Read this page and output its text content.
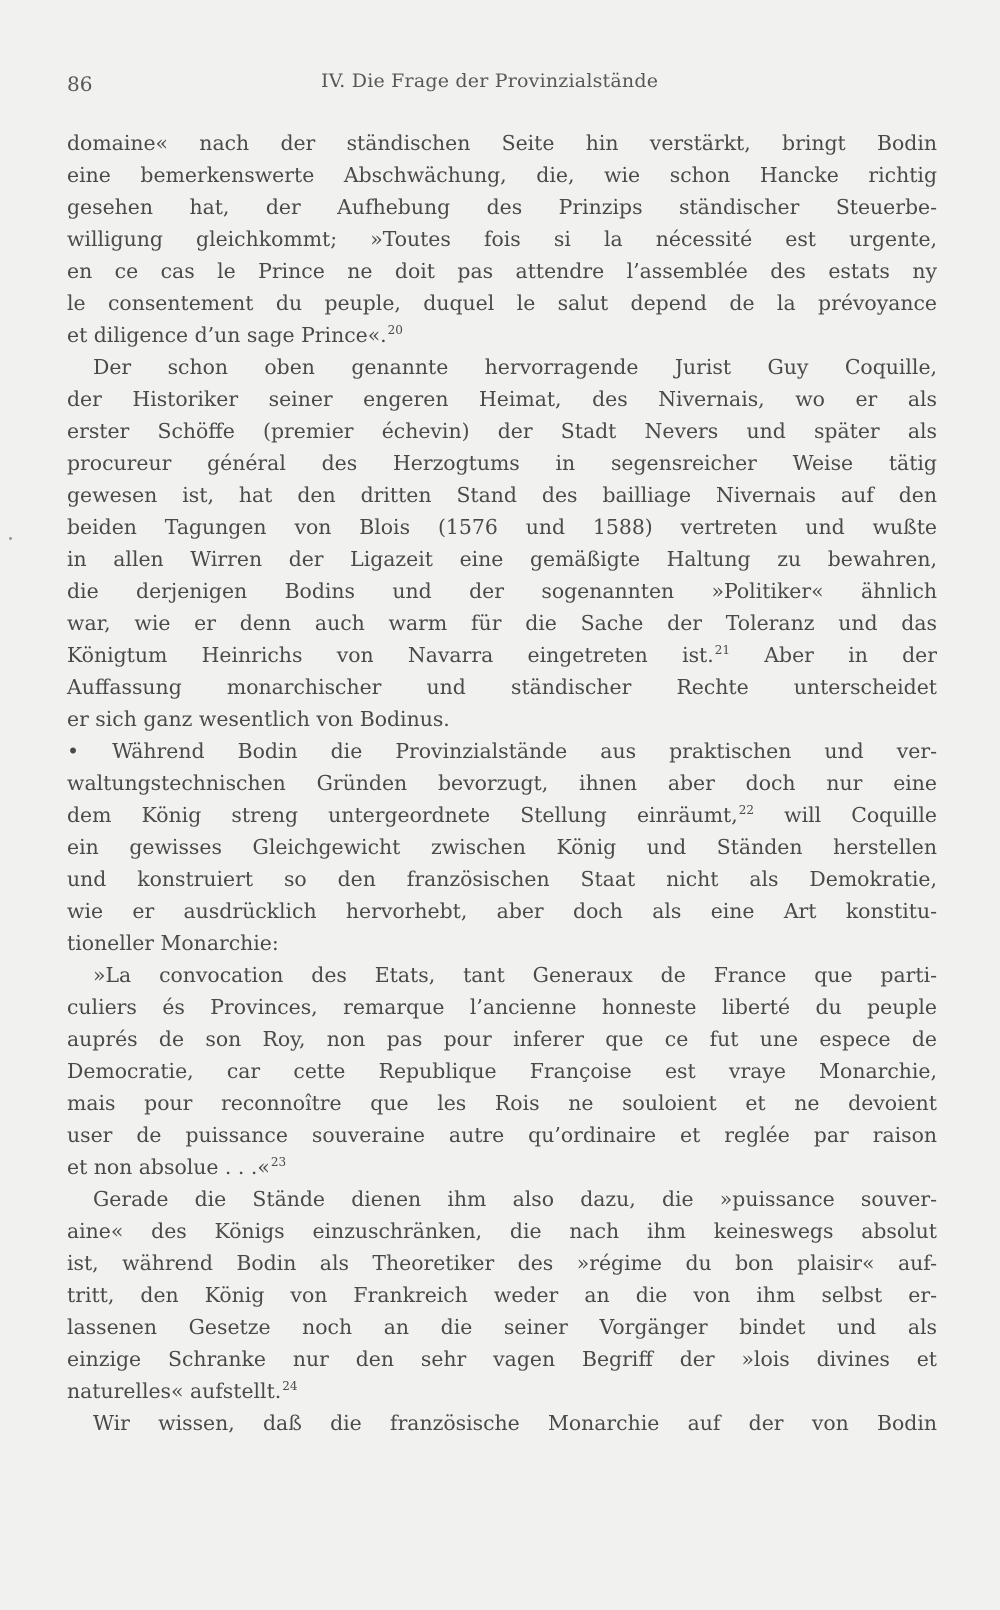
86	IV. Die Frage der Provinzialstände
domaine« nach der ständischen Seite hin verstärkt, bringt Bodin
eine bemerkenswerte Abschwächung, die, wie schon Hancke richtig
gesehen hat, der Aufhebung des Prinzips ständischer Steuerbe-
willigung gleichkommt; »Toutes fois si la nécessité est urgente,
en ce cas le Prince ne doit pas attendre l’assemblée des estats ny
le consentement du peuple, duquel le salut depend de la prévoyance
et diligence d’un sage Prince«.$^{20}$
Der schon oben genannte hervorragende Jurist Guy Coquille,
der Historiker seiner engeren Heimat, des Nivernais, wo er als
erster Schöffe (premier échevin) der Stadt Nevers und später als
procureur général des Herzogtums in segensreicher Weise tätig
gewesen ist, hat den dritten Stand des bailliage Nivernais auf den
beiden Tagungen von Blois (1576 und 1588) vertreten und wußte
in allen Wirren der Ligazeit eine gemäßigte Haltung zu bewahren,
die derjenigen Bodins und der sogenannten »Politiker« ähnlich
war, wie er denn auch warm für die Sache der Toleranz und das
Königtum Heinrichs von Navarra eingetreten ist.$^{21}$ Aber in der
Auffassung monarchischer und ständischer Rechte unterscheidet
er sich ganz wesentlich von Bodinus.
• Während Bodin die Provinzialstände aus praktischen und ver-
waltungstechnischen Gründen bevorzugt, ihnen aber doch nur eine
dem König streng untergeordnete Stellung einräumt,$^{22}$ will Coquille
ein gewisses Gleichgewicht zwischen König und Ständen herstellen
und konstruiert so den französischen Staat nicht als Demokratie,
wie er ausdrücklich hervorhebt, aber doch als eine Art konstitu-
tioneller Monarchie:
»La convocation des Etats, tant Generaux de France que parti-
culiers és Provinces, remarque l’ancienne honneste liberté du peuple
auprés de son Roy, non pas pour inferer que ce fut une espece de
Democratie, car cette Republique Françoise est vraye Monarchie,
mais pour reconnoître que les Rois ne souloient et ne devoient
user de puissance souveraine autre qu’ordinaire et reglée par raison
et non absolue . . .«$^{23}$
Gerade die Stände dienen ihm also dazu, die »puissance souver-
aine« des Königs einzuschränken, die nach ihm keineswegs absolut
ist, während Bodin als Theoretiker des »régime du bon plaisir« auf-
tritt, den König von Frankreich weder an die von ihm selbst er-
lassenen Gesetze noch an die seiner Vorgänger bindet und als
einzige Schranke nur den sehr vagen Begriff der »lois divines et
naturelles« aufstellt.$^{24}$
Wir wissen, daß die französische Monarchie auf der von Bodin
